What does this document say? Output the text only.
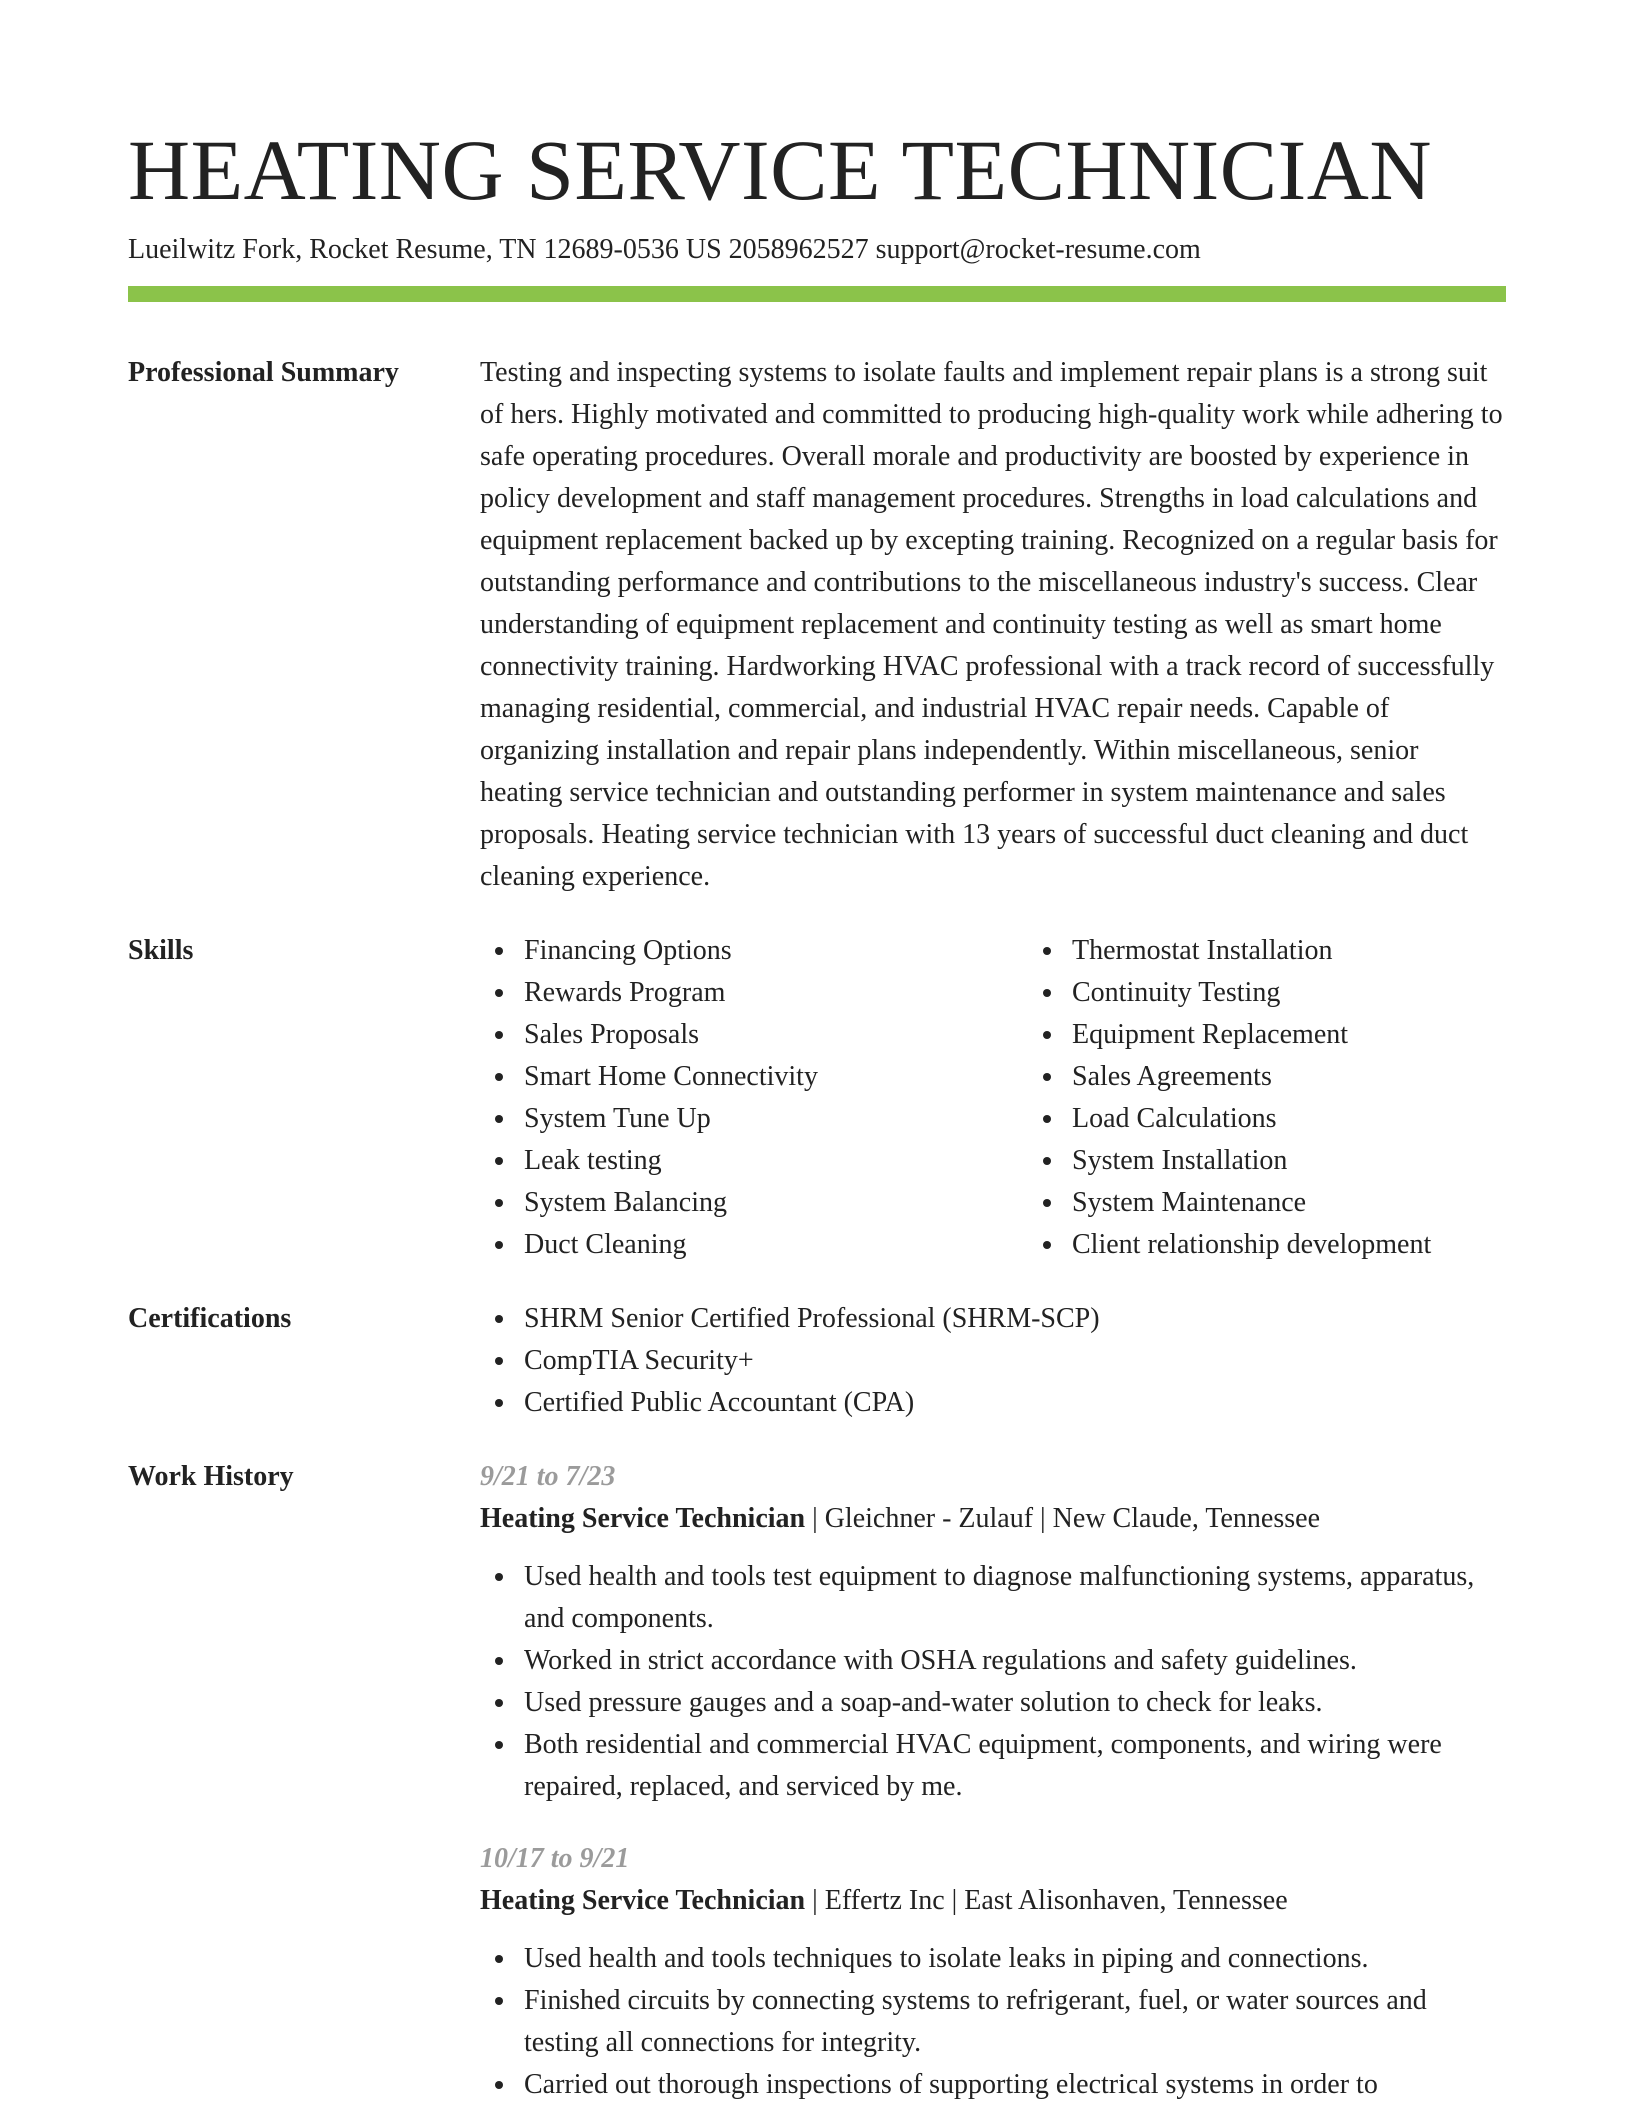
HEATING SERVICE TECHNICIAN
Lueilwitz Fork, Rocket Resume, TN 12689-0536 US 2058962527 support@rocket-resume.com
Professional Summary	Testing and inspecting systems to isolate faults and implement repair plans is a strong suit of hers. Highly motivated and committed to producing high-quality work while adhering to safe operating procedures. Overall morale and productivity are boosted by experience in policy development and staff management procedures. Strengths in load calculations and equipment replacement backed up by excepting training. Recognized on a regular basis for outstanding performance and contributions to the miscellaneous industry's success. Clear understanding of equipment replacement and continuity testing as well as smart home connectivity training. Hardworking HVAC professional with a track record of successfully managing residential, commercial, and industrial HVAC repair needs. Capable of organizing installation and repair plans independently. Within miscellaneous, senior heating service technician and outstanding performer in system maintenance and sales proposals. Heating service technician with 13 years of successful duct cleaning and duct cleaning experience.

Skills	Financing Options
Rewards Program
Sales Proposals
Smart Home Connectivity
System Tune Up
Leak testing
System Balancing
Duct Cleaning
Thermostat Installation
Continuity Testing
Equipment Replacement
Sales Agreements
Load Calculations
System Installation
System Maintenance
Client relationship development
Certifications	SHRM Senior Certified Professional (SHRM-SCP)
CompTIA Security+
Certified Public Accountant (CPA)
Work History	9/21 to 7/23
Heating Service Technician | Gleichner - Zulauf | New Claude, Tennessee
Used health and tools test equipment to diagnose malfunctioning systems, apparatus, and components.
Worked in strict accordance with OSHA regulations and safety guidelines.
Used pressure gauges and a soap-and-water solution to check for leaks.
Both residential and commercial HVAC equipment, components, and wiring were repaired, replaced, and serviced by me.
10/17 to 9/21
Heating Service Technician | Effertz Inc | East Alisonhaven, Tennessee
Used health and tools techniques to isolate leaks in piping and connections.
Finished circuits by connecting systems to refrigerant, fuel, or water sources and testing all connections for integrity.
Carried out thorough inspections of supporting electrical systems in order to
